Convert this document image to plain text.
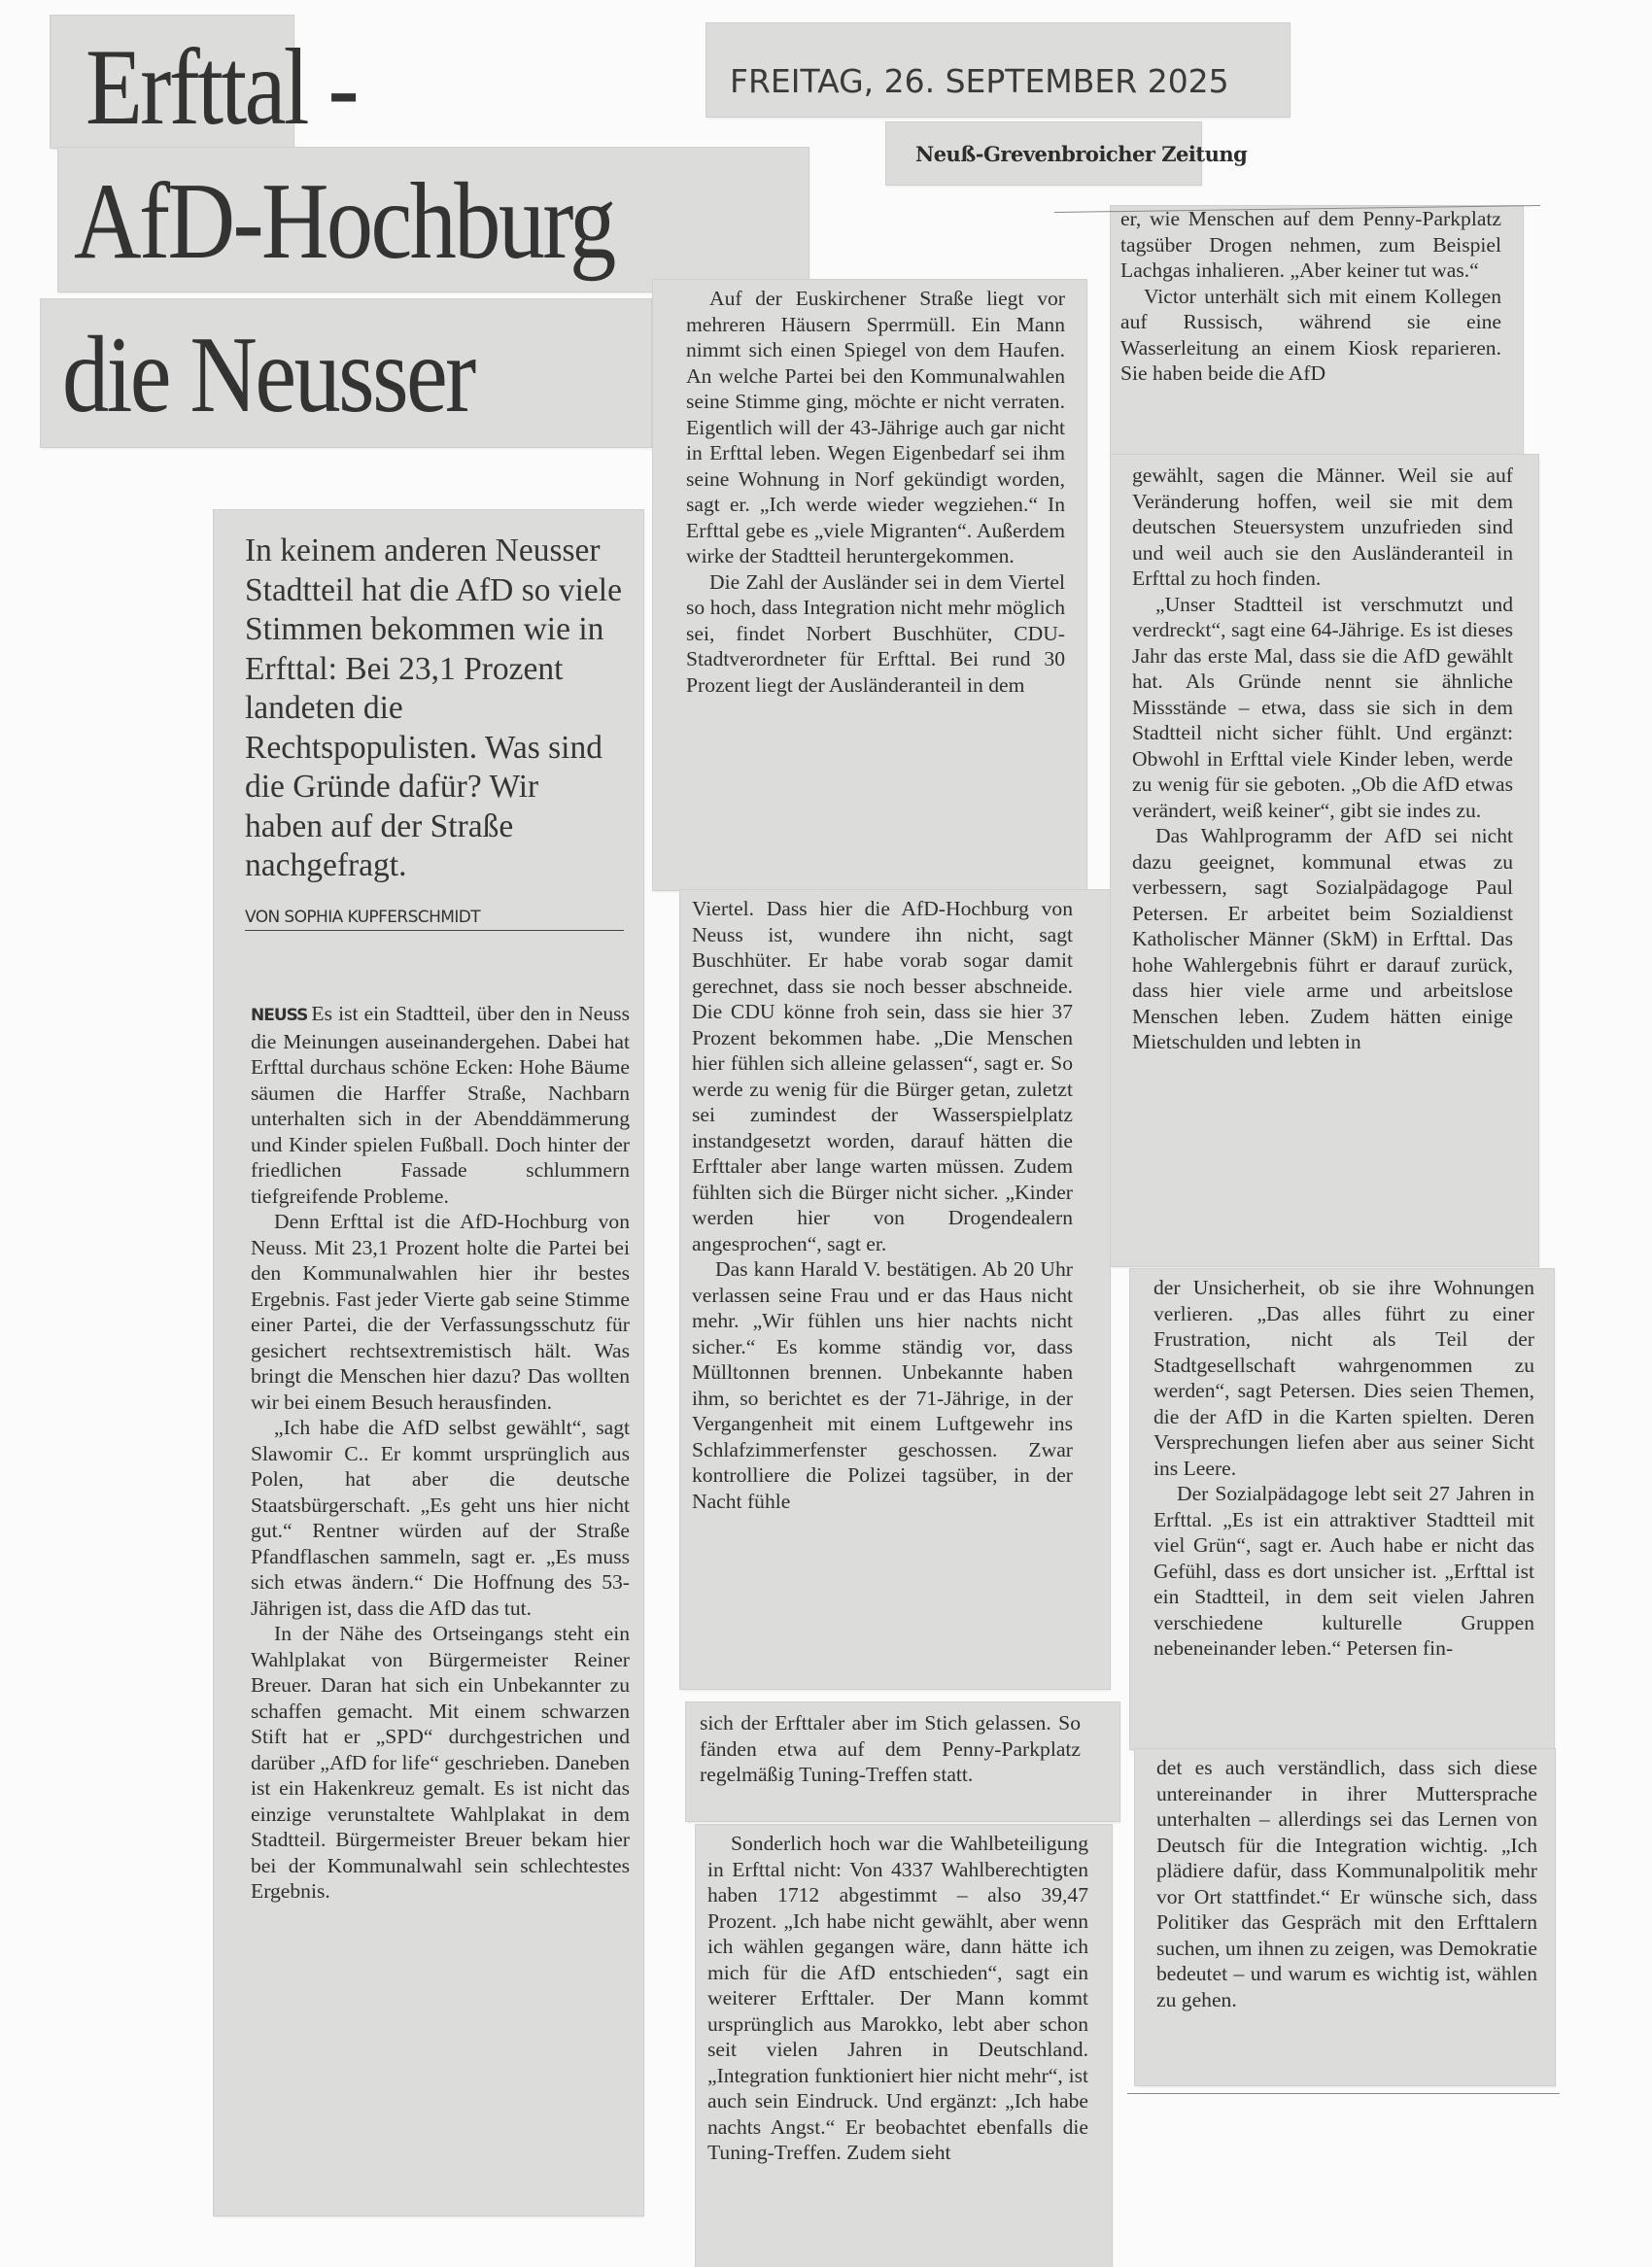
Erfttal -
AfD-Hochburg
die Neusser
FREITAG, 26. SEPTEMBER 2025
Neuß-Grevenbroicher Zeitung
In keinem anderen Neusser Stadtteil hat die AfD so viele Stimmen bekommen wie in Erfttal: Bei 23,1 Prozent landeten die Rechtspopulisten. Was sind die Gründe dafür? Wir haben auf der Straße nachgefragt.
VON SOPHIA KUPFERSCHMIDT

NEUSS Es ist ein Stadtteil, über den in Neuss die Meinungen auseinandergehen. Dabei hat Erfttal durchaus schöne Ecken: Hohe Bäume säumen die Harffer Straße, Nachbarn unterhalten sich in der Abenddämmerung und Kinder spielen Fußball. Doch hinter der friedlichen Fassade schlummern tiefgreifende Probleme.

Denn Erfttal ist die AfD-Hochburg von Neuss. Mit 23,1 Prozent holte die Partei bei den Kommunalwahlen hier ihr bestes Ergebnis. Fast jeder Vierte gab seine Stimme einer Partei, die der Verfassungsschutz für gesichert rechtsextremistisch hält. Was bringt die Menschen hier dazu? Das wollten wir bei einem Besuch herausfinden.

„Ich habe die AfD selbst gewählt“, sagt Slawomir C.. Er kommt ursprünglich aus Polen, hat aber die deutsche Staatsbürgerschaft. „Es geht uns hier nicht gut.“ Rentner würden auf der Straße Pfandflaschen sammeln, sagt er. „Es muss sich etwas ändern.“ Die Hoffnung des 53-Jährigen ist, dass die AfD das tut.

In der Nähe des Ortseingangs steht ein Wahlplakat von Bürgermeister Reiner Breuer. Daran hat sich ein Unbekannter zu schaffen gemacht. Mit einem schwarzen Stift hat er „SPD“ durchgestrichen und darüber „AfD for life“ geschrieben. Daneben ist ein Hakenkreuz gemalt. Es ist nicht das einzige verunstaltete Wahlplakat in dem Stadtteil. Bürgermeister Breuer bekam hier bei der Kommunalwahl sein schlechtestes Ergebnis.

Auf der Euskirchener Straße liegt vor mehreren Häusern Sperrmüll. Ein Mann nimmt sich einen Spiegel von dem Haufen. An welche Partei bei den Kommunalwahlen seine Stimme ging, möchte er nicht verraten. Eigentlich will der 43-Jährige auch gar nicht in Erfttal leben. Wegen Eigenbedarf sei ihm seine Wohnung in Norf gekündigt worden, sagt er. „Ich werde wieder wegziehen.“ In Erfttal gebe es „viele Migranten“. Außerdem wirke der Stadtteil heruntergekommen.

Die Zahl der Ausländer sei in dem Viertel so hoch, dass Integration nicht mehr möglich sei, findet Norbert Buschhüter, CDU-Stadtverordneter für Erfttal. Bei rund 30 Prozent liegt der Ausländeranteil in dem

Viertel. Dass hier die AfD-Hochburg von Neuss ist, wundere ihn nicht, sagt Buschhüter. Er habe vorab sogar damit gerechnet, dass sie noch besser abschneide. Die CDU könne froh sein, dass sie hier 37 Prozent bekommen habe. „Die Menschen hier fühlen sich alleine gelassen“, sagt er. So werde zu wenig für die Bürger getan, zuletzt sei zumindest der Wasserspielplatz instandgesetzt worden, darauf hätten die Erfttaler aber lange warten müssen. Zudem fühlten sich die Bürger nicht sicher. „Kinder werden hier von Drogendealern angesprochen“, sagt er.

Das kann Harald V. bestätigen. Ab 20 Uhr verlassen seine Frau und er das Haus nicht mehr. „Wir fühlen uns hier nachts nicht sicher.“ Es komme ständig vor, dass Mülltonnen brennen. Unbekannte haben ihm, so berichtet es der 71-Jährige, in der Vergangenheit mit einem Luftgewehr ins Schlafzimmerfenster geschossen. Zwar kontrolliere die Polizei tagsüber, in der Nacht fühle

sich der Erfttaler aber im Stich gelassen. So fänden etwa auf dem Penny-Parkplatz regelmäßig Tuning-Treffen statt.

Sonderlich hoch war die Wahlbeteiligung in Erfttal nicht: Von 4337 Wahlberechtigten haben 1712 abgestimmt – also 39,47 Prozent. „Ich habe nicht gewählt, aber wenn ich wählen gegangen wäre, dann hätte ich mich für die AfD entschieden“, sagt ein weiterer Erfttaler. Der Mann kommt ursprünglich aus Marokko, lebt aber schon seit vielen Jahren in Deutschland. „Integration funktioniert hier nicht mehr“, ist auch sein Eindruck. Und ergänzt: „Ich habe nachts Angst.“ Er beobachtet ebenfalls die Tuning-Treffen. Zudem sieht

er, wie Menschen auf dem Penny-Parkplatz tagsüber Drogen nehmen, zum Beispiel Lachgas inhalieren. „Aber keiner tut was.“

Victor unterhält sich mit einem Kollegen auf Russisch, während sie eine Wasserleitung an einem Kiosk reparieren. Sie haben beide die AfD

gewählt, sagen die Männer. Weil sie auf Veränderung hoffen, weil sie mit dem deutschen Steuersystem unzufrieden sind und weil auch sie den Ausländeranteil in Erfttal zu hoch finden.

„Unser Stadtteil ist verschmutzt und verdreckt“, sagt eine 64-Jährige. Es ist dieses Jahr das erste Mal, dass sie die AfD gewählt hat. Als Gründe nennt sie ähnliche Missstände – etwa, dass sie sich in dem Stadtteil nicht sicher fühlt. Und ergänzt: Obwohl in Erfttal viele Kinder leben, werde zu wenig für sie geboten. „Ob die AfD etwas verändert, weiß keiner“, gibt sie indes zu.

Das Wahlprogramm der AfD sei nicht dazu geeignet, kommunal etwas zu verbessern, sagt Sozialpädagoge Paul Petersen. Er arbeitet beim Sozialdienst Katholischer Männer (SkM) in Erfttal. Das hohe Wahlergebnis führt er darauf zurück, dass hier viele arme und arbeitslose Menschen leben. Zudem hätten einige Mietschulden und lebten in

der Unsicherheit, ob sie ihre Wohnungen verlieren. „Das alles führt zu einer Frustration, nicht als Teil der Stadtgesellschaft wahrgenommen zu werden“, sagt Petersen. Dies seien Themen, die der AfD in die Karten spielten. Deren Versprechungen liefen aber aus seiner Sicht ins Leere.

Der Sozialpädagoge lebt seit 27 Jahren in Erfttal. „Es ist ein attraktiver Stadtteil mit viel Grün“, sagt er. Auch habe er nicht das Gefühl, dass es dort unsicher ist. „Erfttal ist ein Stadtteil, in dem seit vielen Jahren verschiedene kulturelle Gruppen nebeneinander leben.“ Petersen fin-

det es auch verständlich, dass sich diese untereinander in ihrer Muttersprache unterhalten – allerdings sei das Lernen von Deutsch für die Integration wichtig. „Ich plädiere dafür, dass Kommunalpolitik mehr vor Ort stattfindet.“ Er wünsche sich, dass Politiker das Gespräch mit den Erfttalern suchen, um ihnen zu zeigen, was Demokratie bedeutet – und warum es wichtig ist, wählen zu gehen.
